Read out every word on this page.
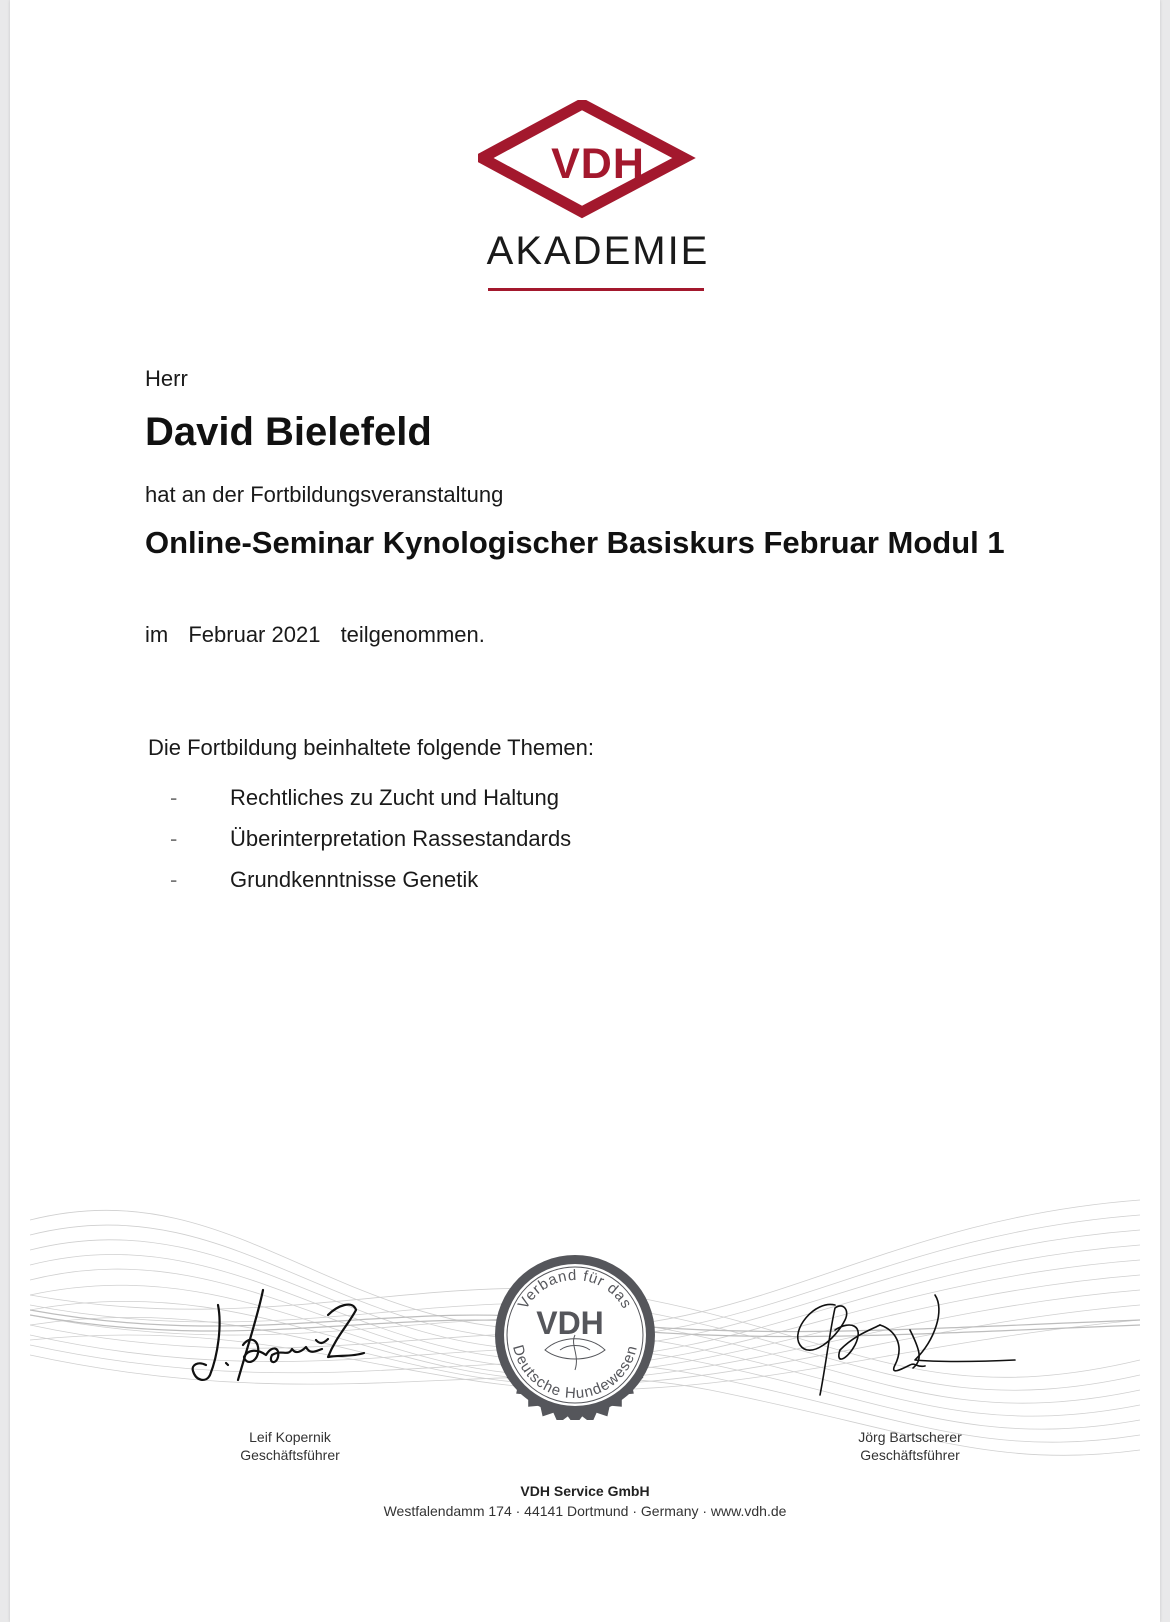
VDH
AKADEMIE
Herr
David Bielefeld
hat an der Fortbildungsveranstaltung
Online-Seminar Kynologischer Basiskurs Februar Modul 1
im Februar 2021 teilgenommen.
Die Fortbildung beinhaltete folgende Themen:
-	Rechtliches zu Zucht und Haltung
-	Überinterpretation Rassestandards
-	Grundkenntnisse Genetik
Verband für das
Deutsche Hundewesen
VDH
Leif Kopernik
Geschäftsführer
Jörg Bartscherer
Geschäftsführer
VDH Service GmbH
Westfalendamm 174 · 44141 Dortmund · Germany · www.vdh.de
